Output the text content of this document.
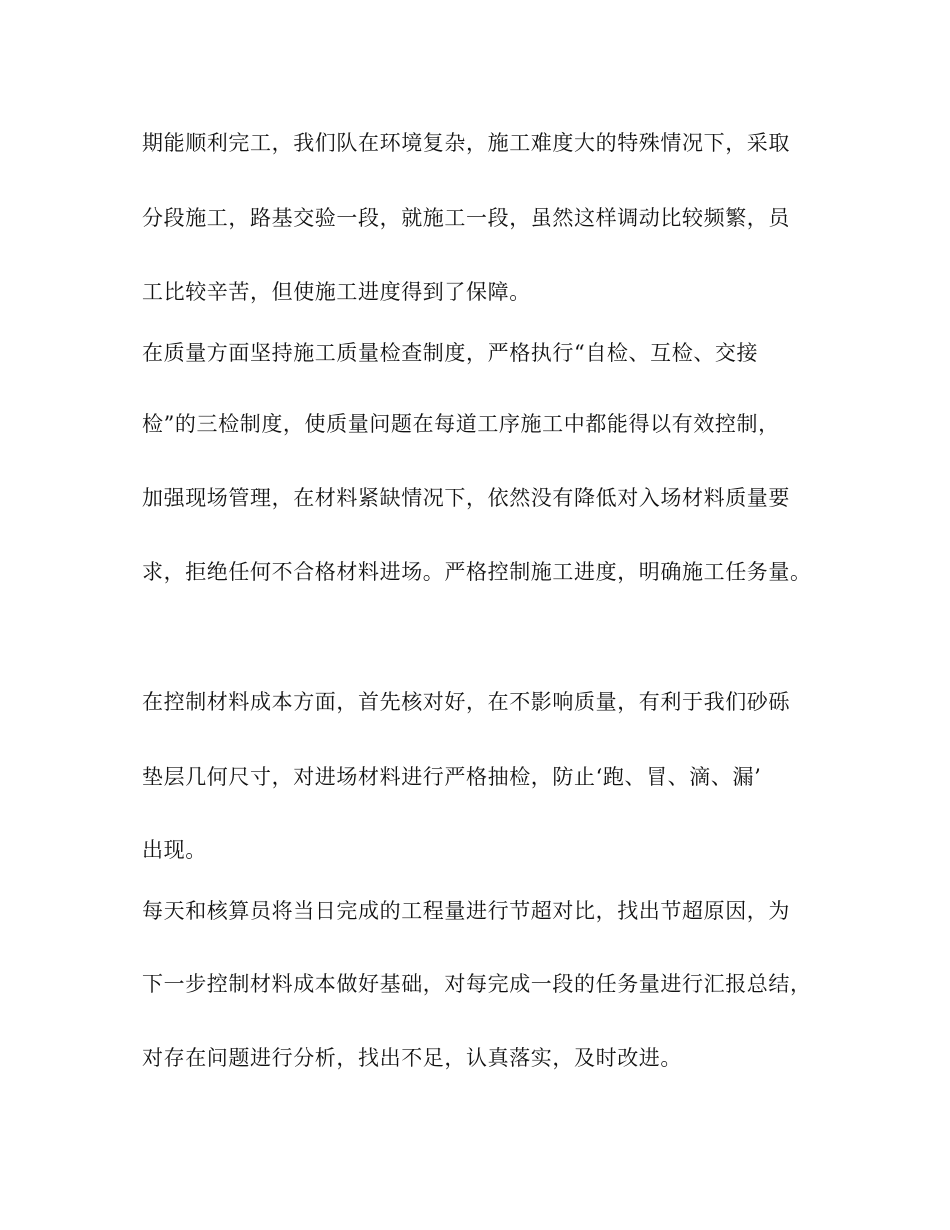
期能顺利完工，我们队在环境复杂，施工难度大的特殊情况下，采取
分段施工，路基交验一段，就施工一段，虽然这样调动比较频繁，员
工比较辛苦，但使施工进度得到了保障。
在质量方面坚持施工质量检查制度，严格执行“自检、互检、交接
检”的三检制度，使质量问题在每道工序施工中都能得以有效控制，
加强现场管理，在材料紧缺情况下，依然没有降低对入场材料质量要
求，拒绝任何不合格材料进场。严格控制施工进度，明确施工任务量。
在控制材料成本方面，首先核对好，在不影响质量，有利于我们砂砾
垫层几何尺寸，对进场材料进行严格抽检，防止‘跑、冒、滴、漏’
出现。
每天和核算员将当日完成的工程量进行节超对比，找出节超原因，为
下一步控制材料成本做好基础，对每完成一段的任务量进行汇报总结，
对存在问题进行分析，找出不足，认真落实，及时改进。
